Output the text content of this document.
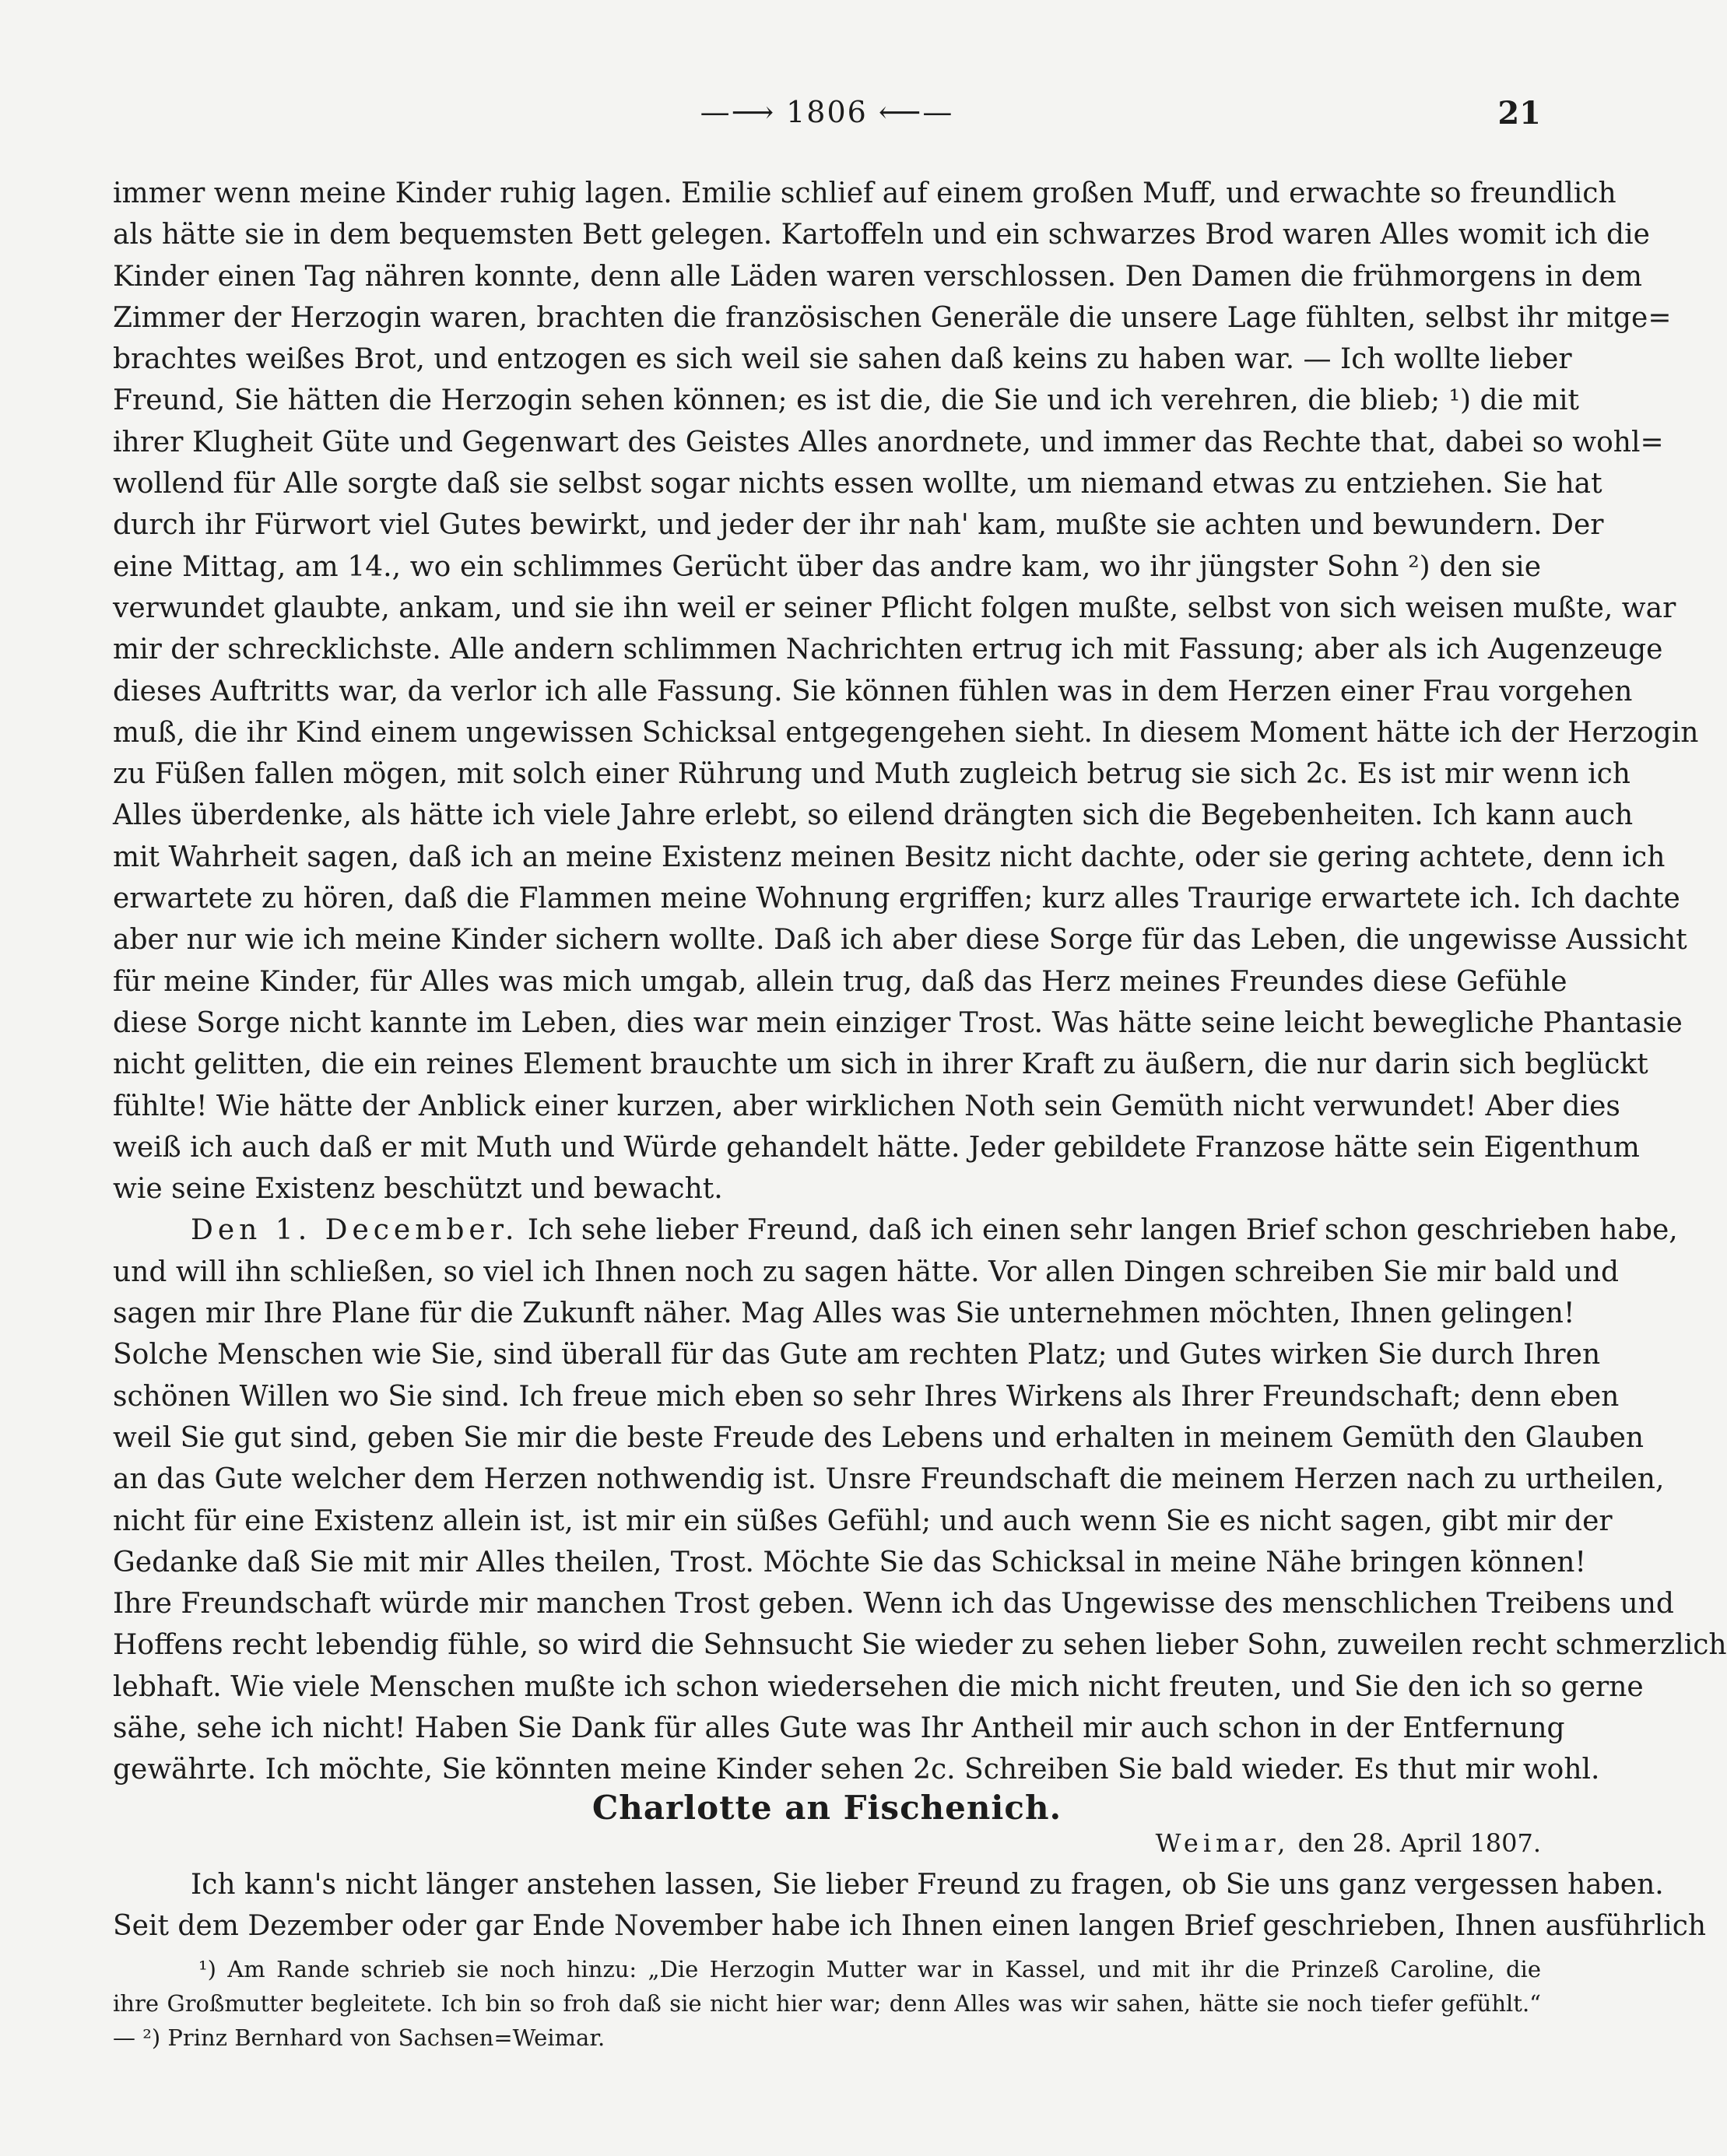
—⟶ 1806 ⟵—	21
immer wenn meine Kinder ruhig lagen. Emilie schlief auf einem großen Muff, und erwachte so freundlich
als hätte sie in dem bequemsten Bett gelegen. Kartoffeln und ein schwarzes Brod waren Alles womit ich die
Kinder einen Tag nähren konnte, denn alle Läden waren verschlossen. Den Damen die frühmorgens in dem
Zimmer der Herzogin waren, brachten die französischen Generäle die unsere Lage fühlten, selbst ihr mitge=
brachtes weißes Brot, und entzogen es sich weil sie sahen daß keins zu haben war. — Ich wollte lieber
Freund, Sie hätten die Herzogin sehen können; es ist die, die Sie und ich verehren, die blieb; ¹) die mit
ihrer Klugheit Güte und Gegenwart des Geistes Alles anordnete, und immer das Rechte that, dabei so wohl=
wollend für Alle sorgte daß sie selbst sogar nichts essen wollte, um niemand etwas zu entziehen. Sie hat
durch ihr Fürwort viel Gutes bewirkt, und jeder der ihr nah' kam, mußte sie achten und bewundern. Der
eine Mittag, am 14., wo ein schlimmes Gerücht über das andre kam, wo ihr jüngster Sohn ²) den sie
verwundet glaubte, ankam, und sie ihn weil er seiner Pflicht folgen mußte, selbst von sich weisen mußte, war
mir der schrecklichste. Alle andern schlimmen Nachrichten ertrug ich mit Fassung; aber als ich Augenzeuge
dieses Auftritts war, da verlor ich alle Fassung. Sie können fühlen was in dem Herzen einer Frau vorgehen
muß, die ihr Kind einem ungewissen Schicksal entgegengehen sieht. In diesem Moment hätte ich der Herzogin
zu Füßen fallen mögen, mit solch einer Rührung und Muth zugleich betrug sie sich 2c. Es ist mir wenn ich
Alles überdenke, als hätte ich viele Jahre erlebt, so eilend drängten sich die Begebenheiten. Ich kann auch
mit Wahrheit sagen, daß ich an meine Existenz meinen Besitz nicht dachte, oder sie gering achtete, denn ich
erwartete zu hören, daß die Flammen meine Wohnung ergriffen; kurz alles Traurige erwartete ich. Ich dachte
aber nur wie ich meine Kinder sichern wollte. Daß ich aber diese Sorge für das Leben, die ungewisse Aussicht
für meine Kinder, für Alles was mich umgab, allein trug, daß das Herz meines Freundes diese Gefühle
diese Sorge nicht kannte im Leben, dies war mein einziger Trost. Was hätte seine leicht bewegliche Phantasie
nicht gelitten, die ein reines Element brauchte um sich in ihrer Kraft zu äußern, die nur darin sich beglückt
fühlte! Wie hätte der Anblick einer kurzen, aber wirklichen Noth sein Gemüth nicht verwundet! Aber dies
weiß ich auch daß er mit Muth und Würde gehandelt hätte. Jeder gebildete Franzose hätte sein Eigenthum
wie seine Existenz beschützt und bewacht.
Den 1. December. Ich sehe lieber Freund, daß ich einen sehr langen Brief schon geschrieben habe,
und will ihn schließen, so viel ich Ihnen noch zu sagen hätte. Vor allen Dingen schreiben Sie mir bald und
sagen mir Ihre Plane für die Zukunft näher. Mag Alles was Sie unternehmen möchten, Ihnen gelingen!
Solche Menschen wie Sie, sind überall für das Gute am rechten Platz; und Gutes wirken Sie durch Ihren
schönen Willen wo Sie sind. Ich freue mich eben so sehr Ihres Wirkens als Ihrer Freundschaft; denn eben
weil Sie gut sind, geben Sie mir die beste Freude des Lebens und erhalten in meinem Gemüth den Glauben
an das Gute welcher dem Herzen nothwendig ist. Unsre Freundschaft die meinem Herzen nach zu urtheilen,
nicht für eine Existenz allein ist, ist mir ein süßes Gefühl; und auch wenn Sie es nicht sagen, gibt mir der
Gedanke daß Sie mit mir Alles theilen, Trost. Möchte Sie das Schicksal in meine Nähe bringen können!
Ihre Freundschaft würde mir manchen Trost geben. Wenn ich das Ungewisse des menschlichen Treibens und
Hoffens recht lebendig fühle, so wird die Sehnsucht Sie wieder zu sehen lieber Sohn, zuweilen recht schmerzlich
lebhaft. Wie viele Menschen mußte ich schon wiedersehen die mich nicht freuten, und Sie den ich so gerne
sähe, sehe ich nicht! Haben Sie Dank für alles Gute was Ihr Antheil mir auch schon in der Entfernung
gewährte. Ich möchte, Sie könnten meine Kinder sehen 2c. Schreiben Sie bald wieder. Es thut mir wohl.
Charlotte an Fischenich.
Weimar, den 28. April 1807.
Ich kann's nicht länger anstehen lassen, Sie lieber Freund zu fragen, ob Sie uns ganz vergessen haben.
Seit dem Dezember oder gar Ende November habe ich Ihnen einen langen Brief geschrieben, Ihnen ausführlich
¹) Am Rande schrieb sie noch hinzu: „Die Herzogin Mutter war in Kassel, und mit ihr die Prinzeß Caroline, die
ihre Großmutter begleitete. Ich bin so froh daß sie nicht hier war; denn Alles was wir sahen, hätte sie noch tiefer gefühlt.“
— ²) Prinz Bernhard von Sachsen=Weimar.
